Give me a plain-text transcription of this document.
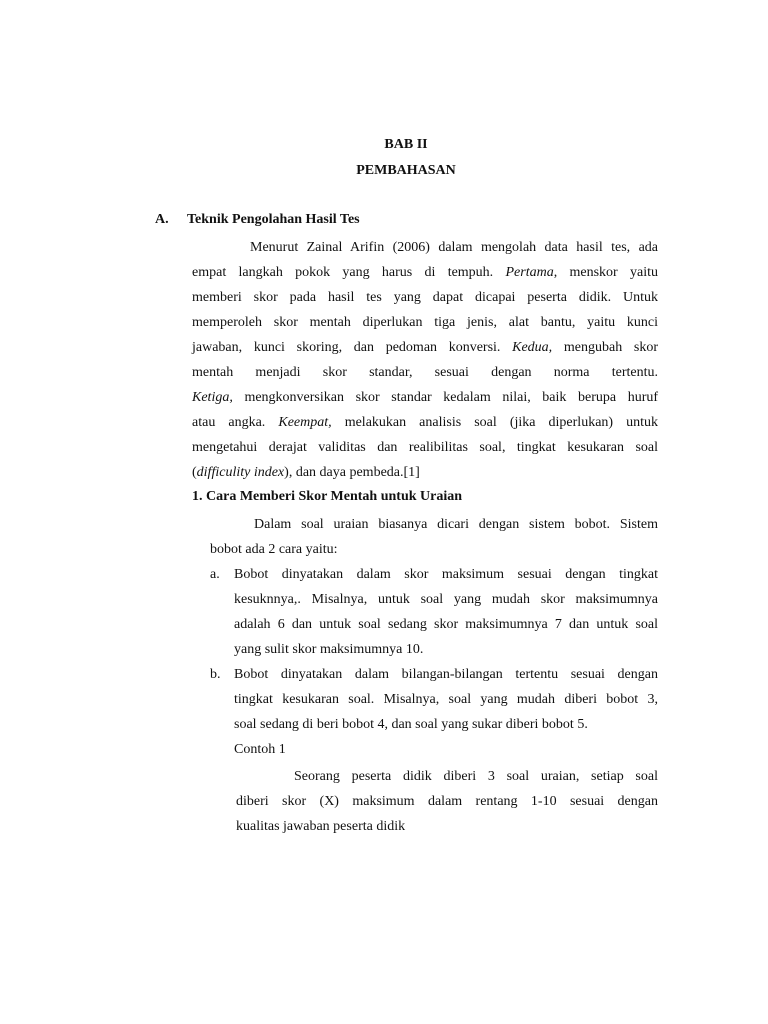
BAB II
PEMBAHASAN
A. Teknik Pengolahan Hasil Tes
Menurut Zainal Arifin (2006) dalam mengolah data hasil tes, ada
empat langkah pokok yang harus di tempuh. Pertama, menskor yaitu
memberi skor pada hasil tes yang dapat dicapai peserta didik. Untuk
memperoleh skor mentah diperlukan tiga jenis, alat bantu, yaitu kunci
jawaban, kunci skoring, dan pedoman konversi. Kedua, mengubah skor
mentah menjadi skor standar, sesuai dengan norma tertentu.
Ketiga, mengkonversikan skor standar kedalam nilai, baik berupa huruf
atau angka. Keempat, melakukan analisis soal (jika diperlukan) untuk
mengetahui derajat validitas dan realibilitas soal, tingkat kesukaran soal
(difficulity index), dan daya pembeda.[1]
1. Cara Memberi Skor Mentah untuk Uraian
Dalam soal uraian biasanya dicari dengan sistem bobot. Sistem
bobot ada 2 cara yaitu:
a. Bobot dinyatakan dalam skor maksimum sesuai dengan tingkat
kesuknnya,. Misalnya, untuk soal yang mudah skor maksimumnya
adalah 6 dan untuk soal sedang skor maksimumnya 7 dan untuk soal
yang sulit skor maksimumnya 10.
b. Bobot dinyatakan dalam bilangan-bilangan tertentu sesuai dengan
tingkat kesukaran soal. Misalnya, soal yang mudah diberi bobot 3,
soal sedang di beri bobot 4, dan soal yang sukar diberi bobot 5.
Contoh 1
Seorang peserta didik diberi 3 soal uraian, setiap soal
diberi skor (X) maksimum dalam rentang 1-10 sesuai dengan
kualitas jawaban peserta didik
